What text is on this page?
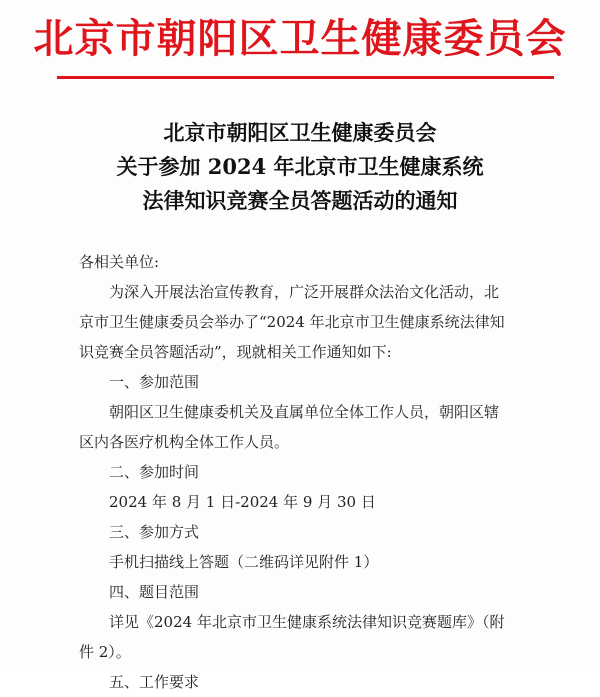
北京市朝阳区卫生健康委员会
北京市朝阳区卫生健康委员会
关于参加 2024 年北京市卫生健康系统
法律知识竞赛全员答题活动的通知
各相关单位:
为深入开展法治宣传教育，广泛开展群众法治文化活动，北
京市卫生健康委员会举办了“2024 年北京市卫生健康系统法律知
识竞赛全员答题活动”，现就相关工作通知如下:
一、参加范围
朝阳区卫生健康委机关及直属单位全体工作人员，朝阳区辖
区内各医疗机构全体工作人员。
二、参加时间
2024 年 8 月 1 日-2024 年 9 月 30 日
三、参加方式
手机扫描线上答题（二维码详见附件 1）
四、题目范围
详见《2024 年北京市卫生健康系统法律知识竞赛题库》（附
件 2）。
五、工作要求
